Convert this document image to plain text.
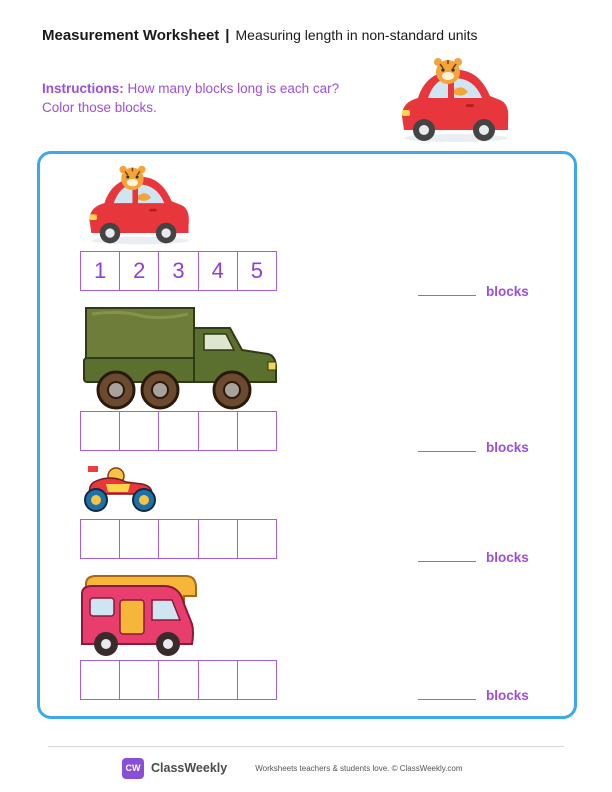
Measurement Worksheet | Measuring length in non-standard units
Instructions: How many blocks long is each car?
Color those blocks.
1	2	3	4	5
blocks
blocks
blocks
blocks
CW ClassWeekly	Worksheets teachers & students love. © ClassWeekly.com
